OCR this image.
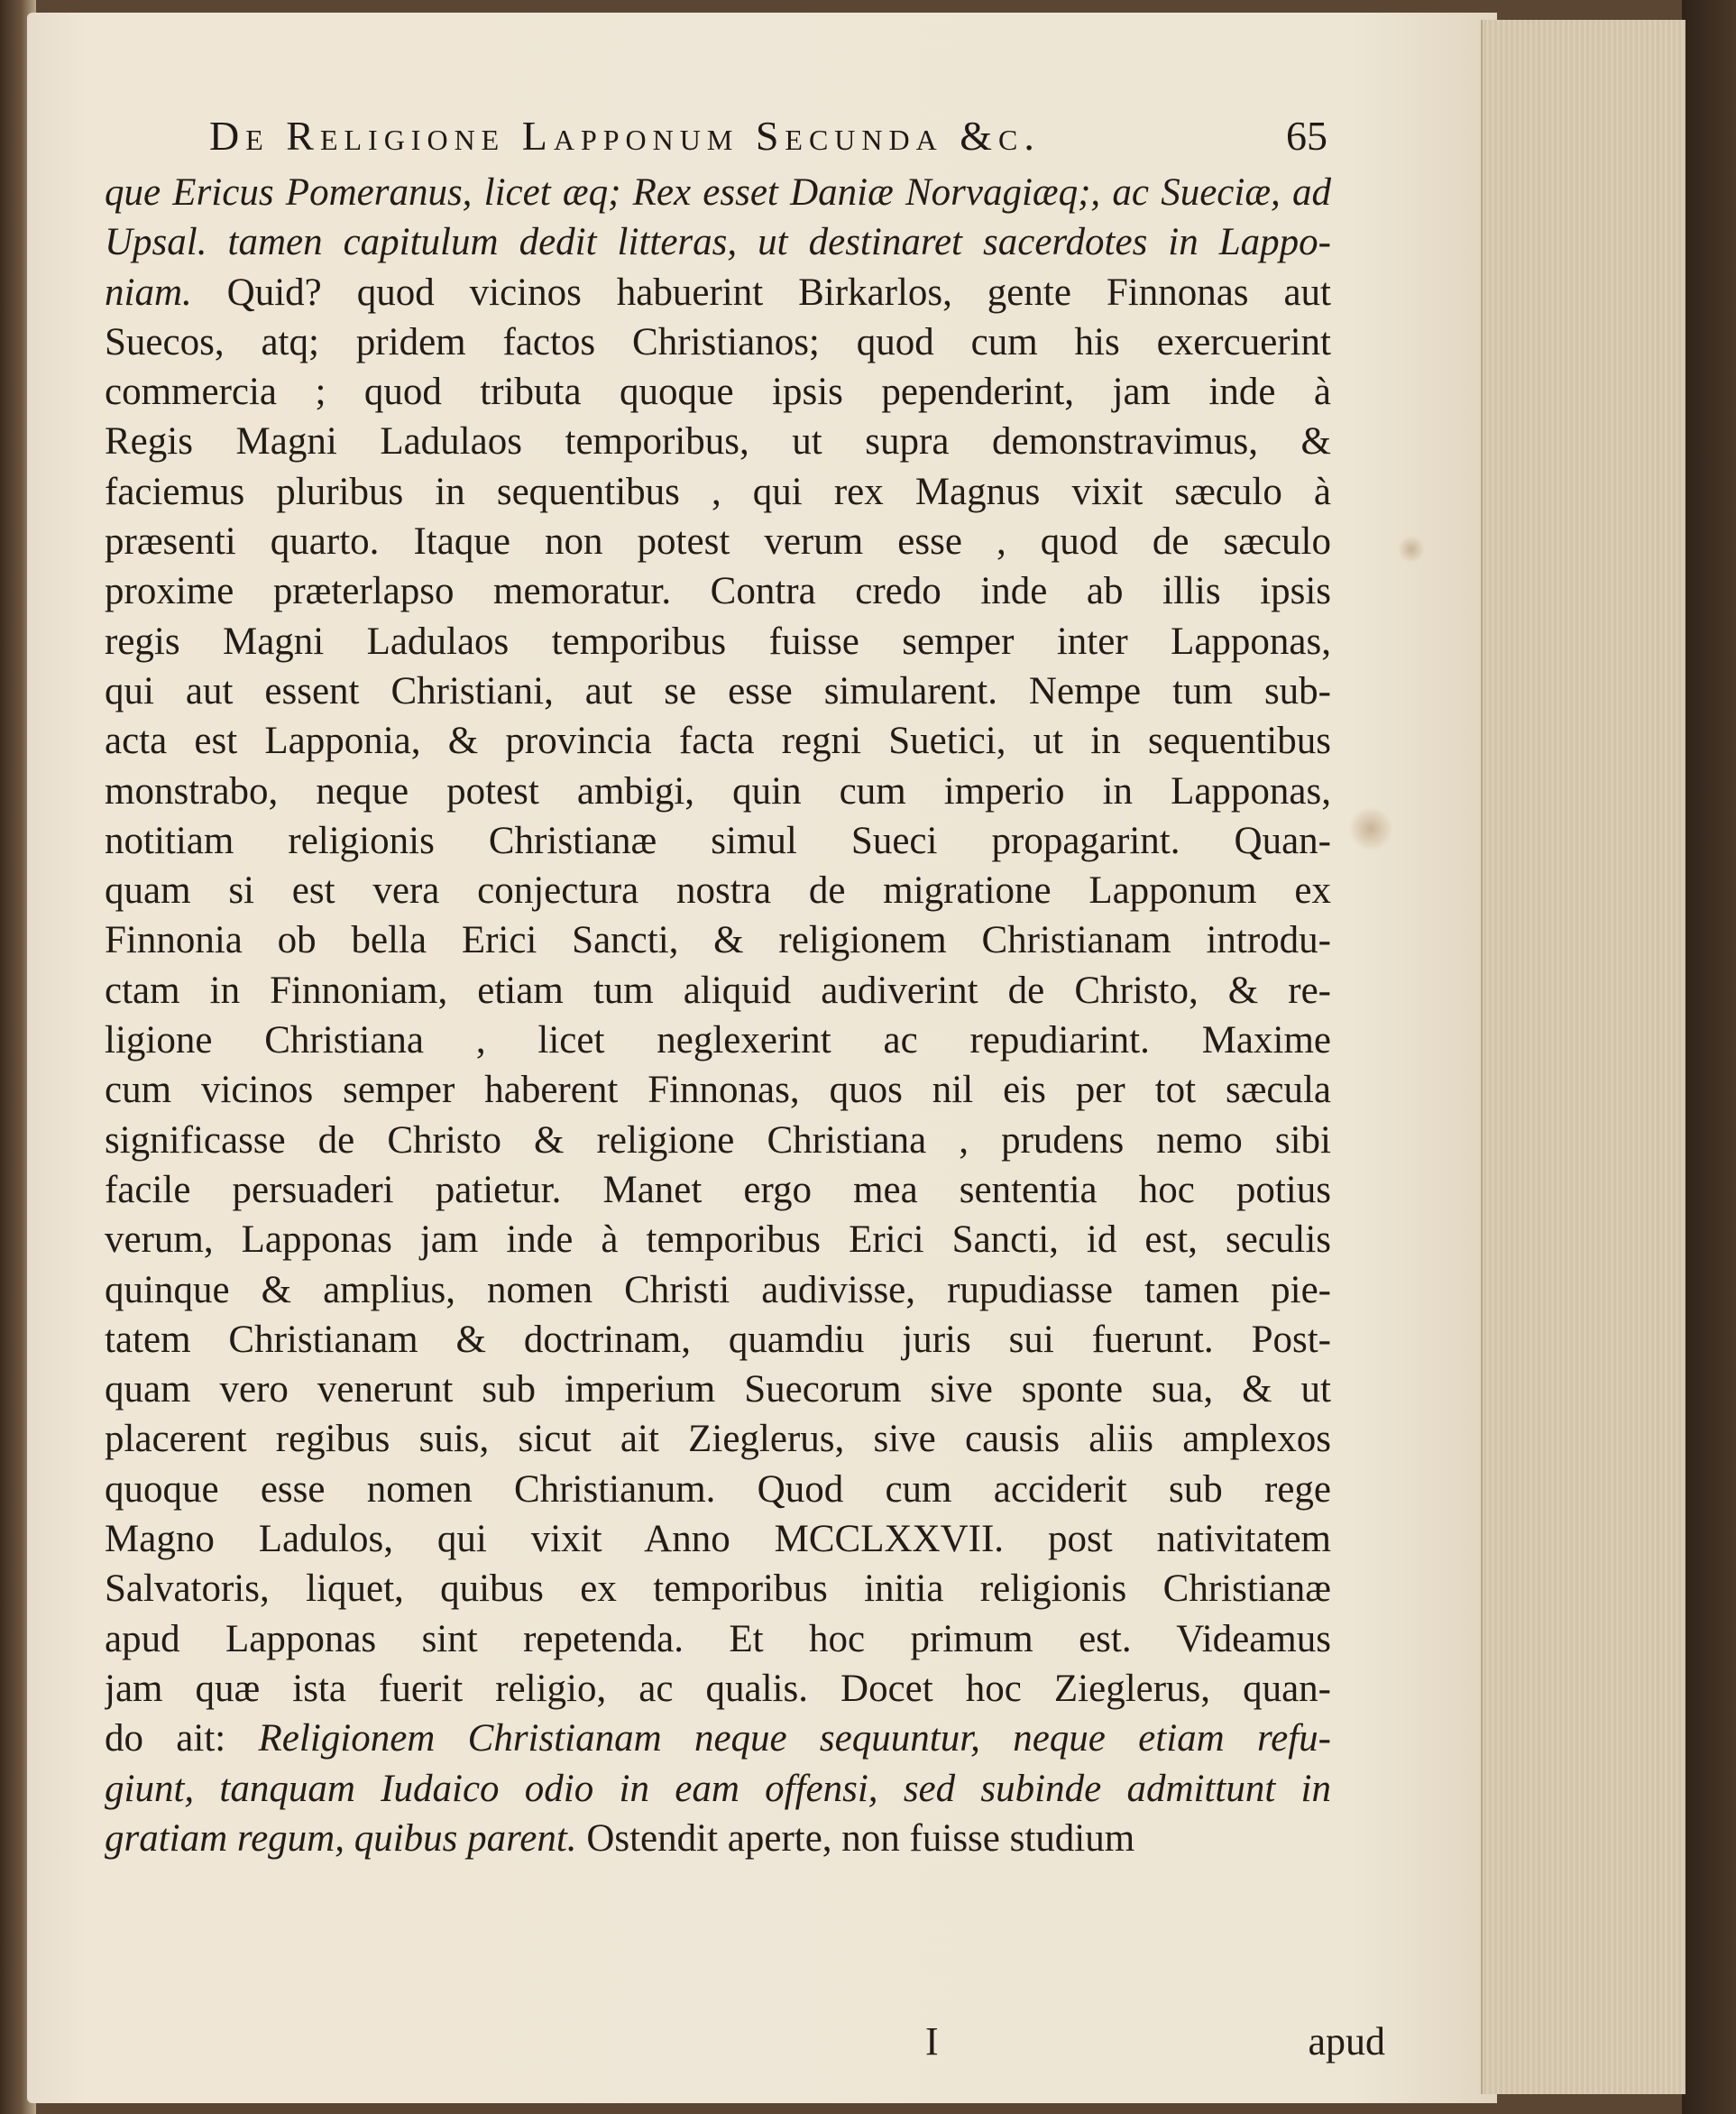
De Religione Lapponum Secunda &c.	65
que Ericus Pomeranus, licet æq; Rex esset Daniæ Norvagiæq;, ac Sueciæ, ad
Upsal. tamen capitulum dedit litteras, ut destinaret sacerdotes in Lappo-
niam. Quid? quod vicinos habuerint Birkarlos, gente Finnonas aut
Suecos, atq; pridem factos Christianos; quod cum his exercuerint
commercia ; quod tributa quoque ipsis pependerint, jam inde à
Regis Magni Ladulaos temporibus, ut supra demonstravimus, &
faciemus pluribus in sequentibus , qui rex Magnus vixit sæculo à
præsenti quarto. Itaque non potest verum esse , quod de sæculo
proxime præterlapso memoratur. Contra credo inde ab illis ipsis
regis Magni Ladulaos temporibus fuisse semper inter Lapponas,
qui aut essent Christiani, aut se esse simularent. Nempe tum sub-
acta est Lapponia, & provincia facta regni Suetici, ut in sequentibus
monstrabo, neque potest ambigi, quin cum imperio in Lapponas,
notitiam religionis Christianæ simul Sueci propagarint. Quan-
quam si est vera conjectura nostra de migratione Lapponum ex
Finnonia ob bella Erici Sancti, & religionem Christianam introdu-
ctam in Finnoniam, etiam tum aliquid audiverint de Christo, & re-
ligione Christiana , licet neglexerint ac repudiarint. Maxime
cum vicinos semper haberent Finnonas, quos nil eis per tot sæcula
significasse de Christo & religione Christiana , prudens nemo sibi
facile persuaderi patietur. Manet ergo mea sententia hoc potius
verum, Lapponas jam inde à temporibus Erici Sancti, id est, seculis
quinque & amplius, nomen Christi audivisse, rupudiasse tamen pie-
tatem Christianam & doctrinam, quamdiu juris sui fuerunt. Post-
quam vero venerunt sub imperium Suecorum sive sponte sua, & ut
placerent regibus suis, sicut ait Zieglerus, sive causis aliis amplexos
quoque esse nomen Christianum. Quod cum acciderit sub rege
Magno Ladulos, qui vixit Anno MCCLXXVII. post nativitatem
Salvatoris, liquet, quibus ex temporibus initia religionis Christianæ
apud Lapponas sint repetenda. Et hoc primum est. Videamus
jam quæ ista fuerit religio, ac qualis. Docet hoc Zieglerus, quan-
do ait: Religionem Christianam neque sequuntur, neque etiam refu-
giunt, tanquam Iudaico odio in eam offensi, sed subinde admittunt in
gratiam regum, quibus parent. Ostendit aperte, non fuisse studium
I	apud
